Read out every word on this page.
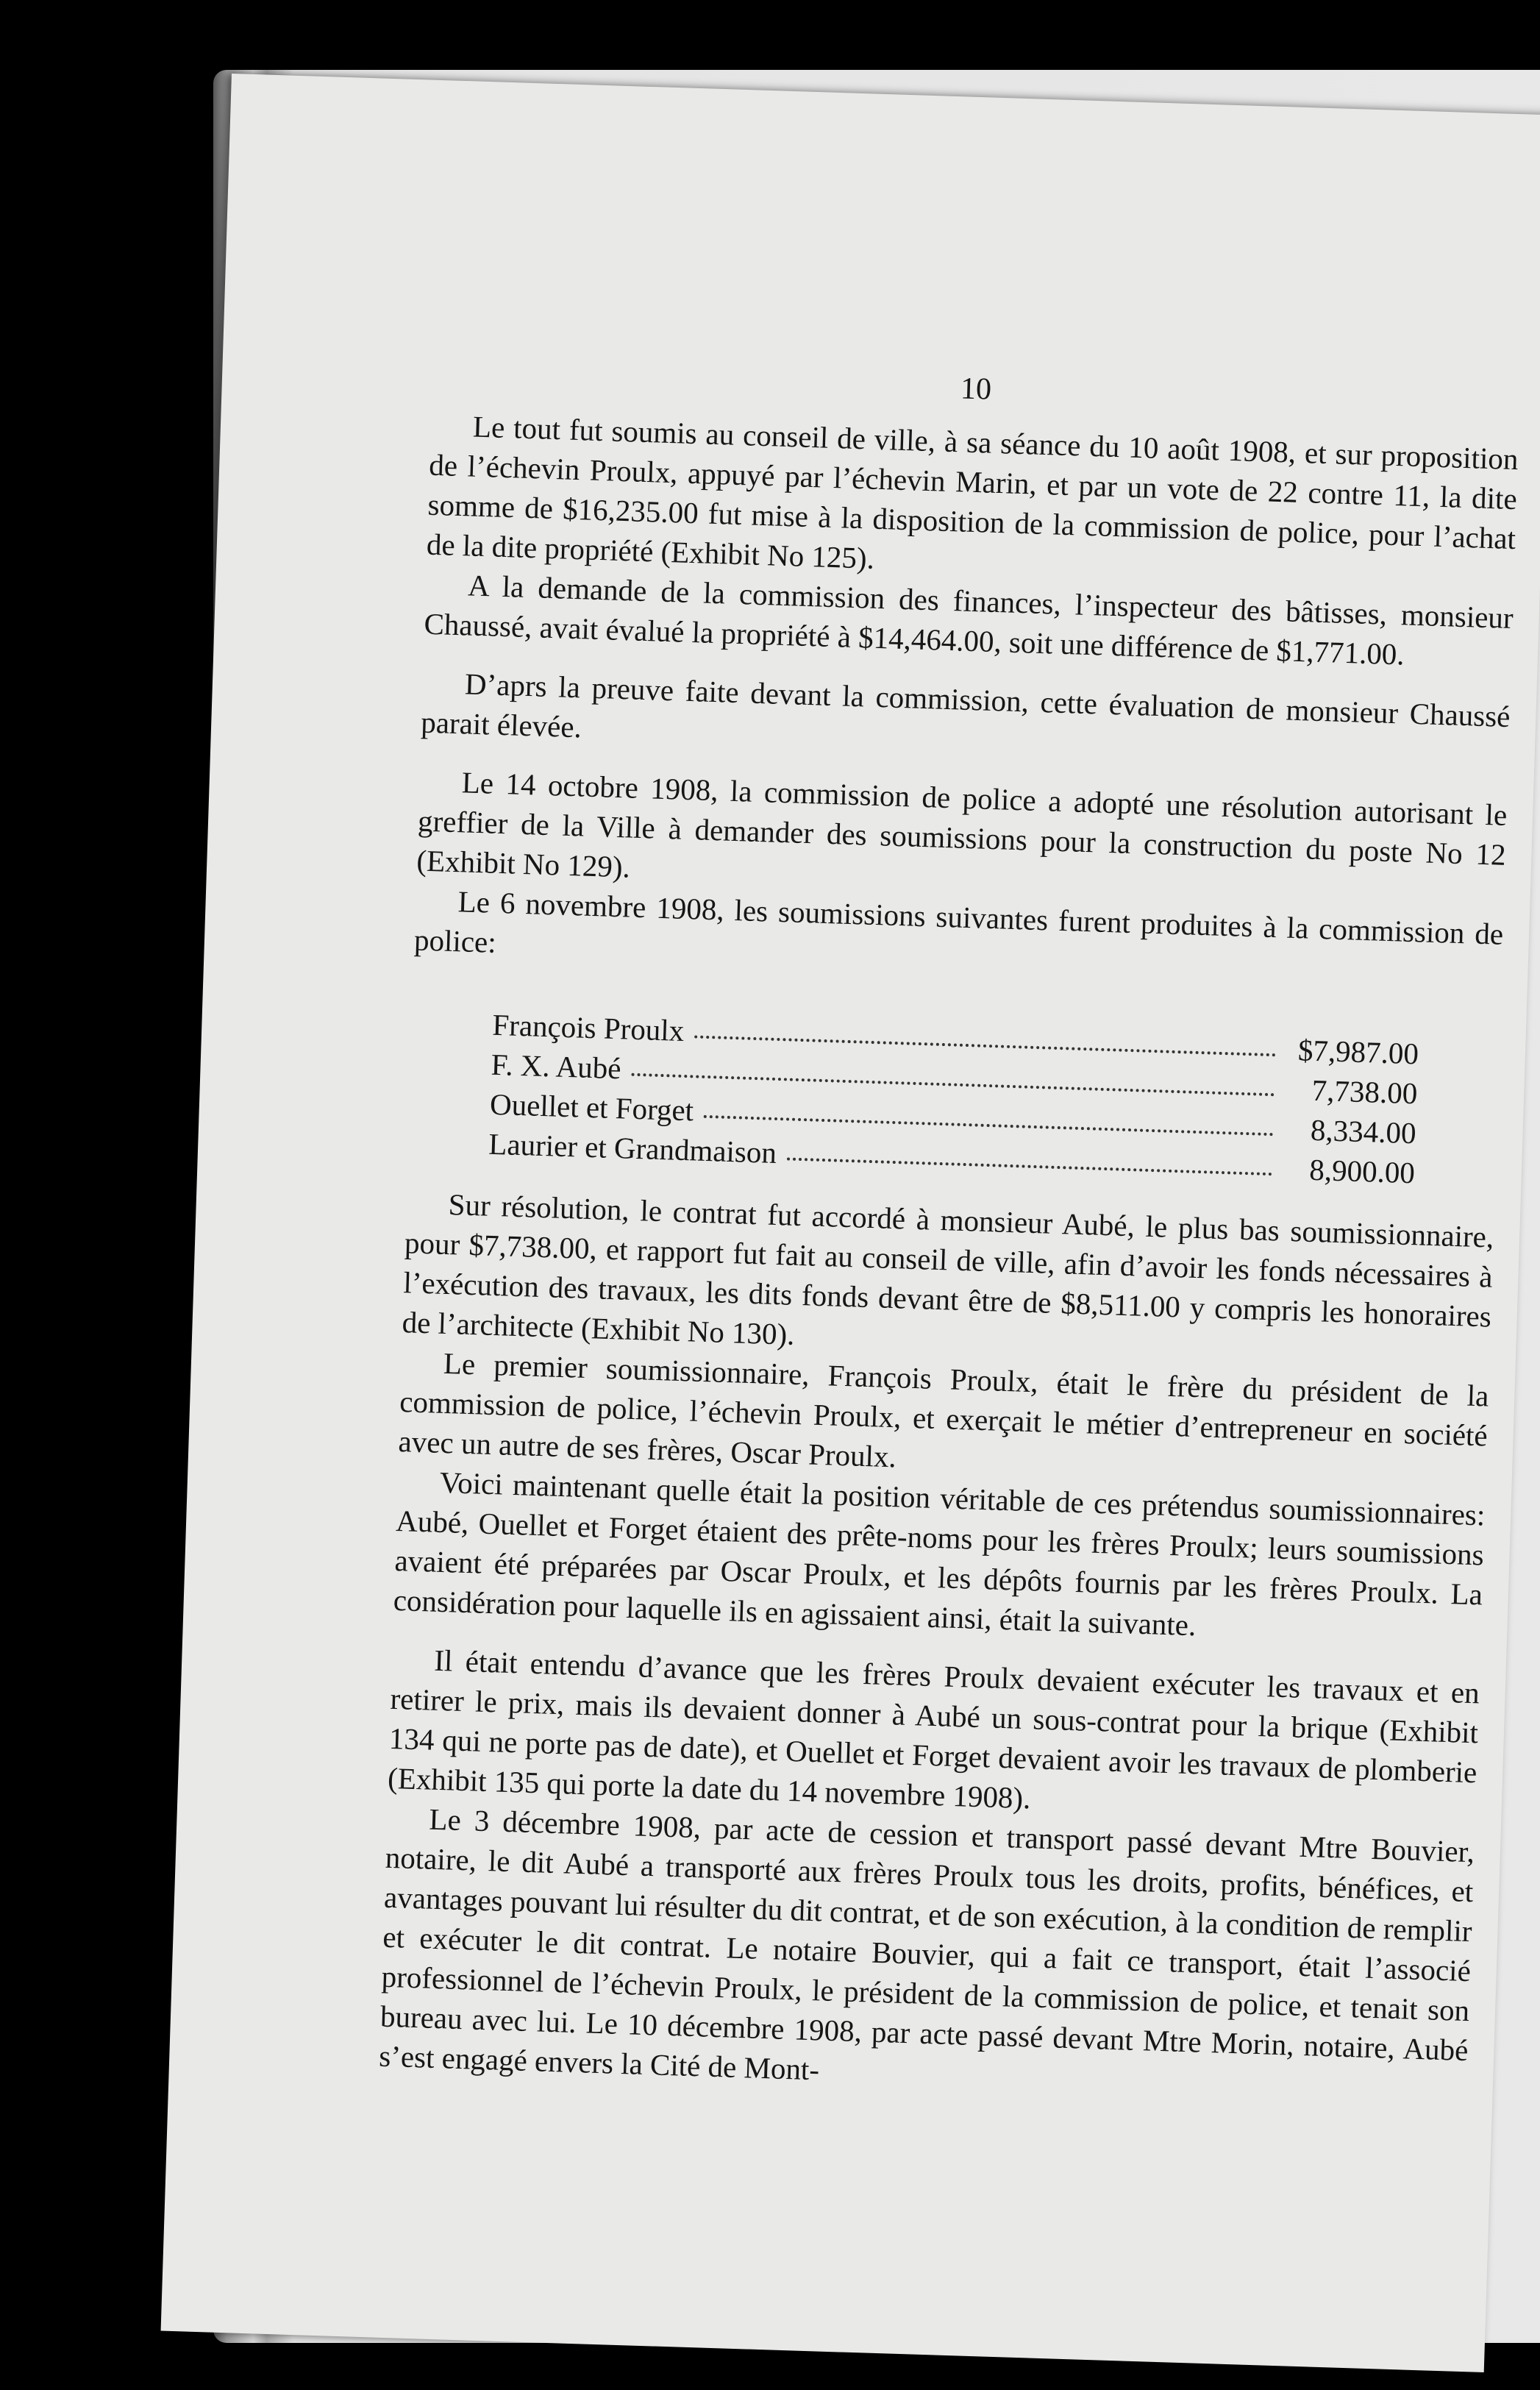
10

Le tout fut soumis au conseil de ville, à sa séance du 10 août 1908, et sur proposition de l’échevin Proulx, appuyé par l’échevin Marin, et par un vote de 22 contre 11, la dite somme de $16,235.00 fut mise à la disposition de la commission de police, pour l’achat de la dite propriété (Exhibit No 125).

A la demande de la commission des finances, l’inspecteur des bâtisses, monsieur Chaussé, avait évalué la propriété à $14,464.00, soit une différence de $1,771.00.

D’aprs la preuve faite devant la commission, cette évaluation de monsieur Chaussé parait élevée.

Le 14 octobre 1908, la commission de police a adopté une résolution autorisant le greffier de la Ville à demander des soumissions pour la construction du poste No 12 (Exhibit No 129).

Le 6 novembre 1908, les soumissions suivantes furent produites à la commission de police:

François Proulx
$7,987.00
F. X. Aubé
7,738.00
Ouellet et Forget
8,334.00
Laurier et Grandmaison
8,900.00

Sur résolution, le contrat fut accordé à monsieur Aubé, le plus bas soumissionnaire, pour $7,738.00, et rapport fut fait au conseil de ville, afin d’avoir les fonds nécessaires à l’exécution des travaux, les dits fonds devant être de $8,511.00 y compris les honoraires de l’architecte (Exhibit No 130).

Le premier soumissionnaire, François Proulx, était le frère du président de la commission de police, l’échevin Proulx, et exerçait le métier d’entrepreneur en société avec un autre de ses frères, Oscar Proulx.

Voici maintenant quelle était la position véritable de ces prétendus soumissionnaires: Aubé, Ouellet et Forget étaient des prête-noms pour les frères Proulx; leurs soumissions avaient été préparées par Oscar Proulx, et les dépôts fournis par les frères Proulx. La considération pour laquelle ils en agissaient ainsi, était la suivante.

Il était entendu d’avance que les frères Proulx devaient exécuter les travaux et en retirer le prix, mais ils devaient donner à Aubé un sous-contrat pour la brique (Exhibit 134 qui ne porte pas de date), et Ouellet et Forget devaient avoir les travaux de plomberie (Exhibit 135 qui porte la date du 14 novembre 1908).

Le 3 décembre 1908, par acte de cession et transport passé devant Mtre Bouvier, notaire, le dit Aubé a transporté aux frères Proulx tous les droits, profits, bénéfices, et avantages pouvant lui résulter du dit contrat, et de son exécution, à la condition de remplir et exécuter le dit contrat. Le notaire Bouvier, qui a fait ce transport, était l’associé professionnel de l’échevin Proulx, le président de la commission de police, et tenait son bureau avec lui. Le 10 décembre 1908, par acte passé devant Mtre Morin, notaire, Aubé s’est engagé envers la Cité de Mont-
